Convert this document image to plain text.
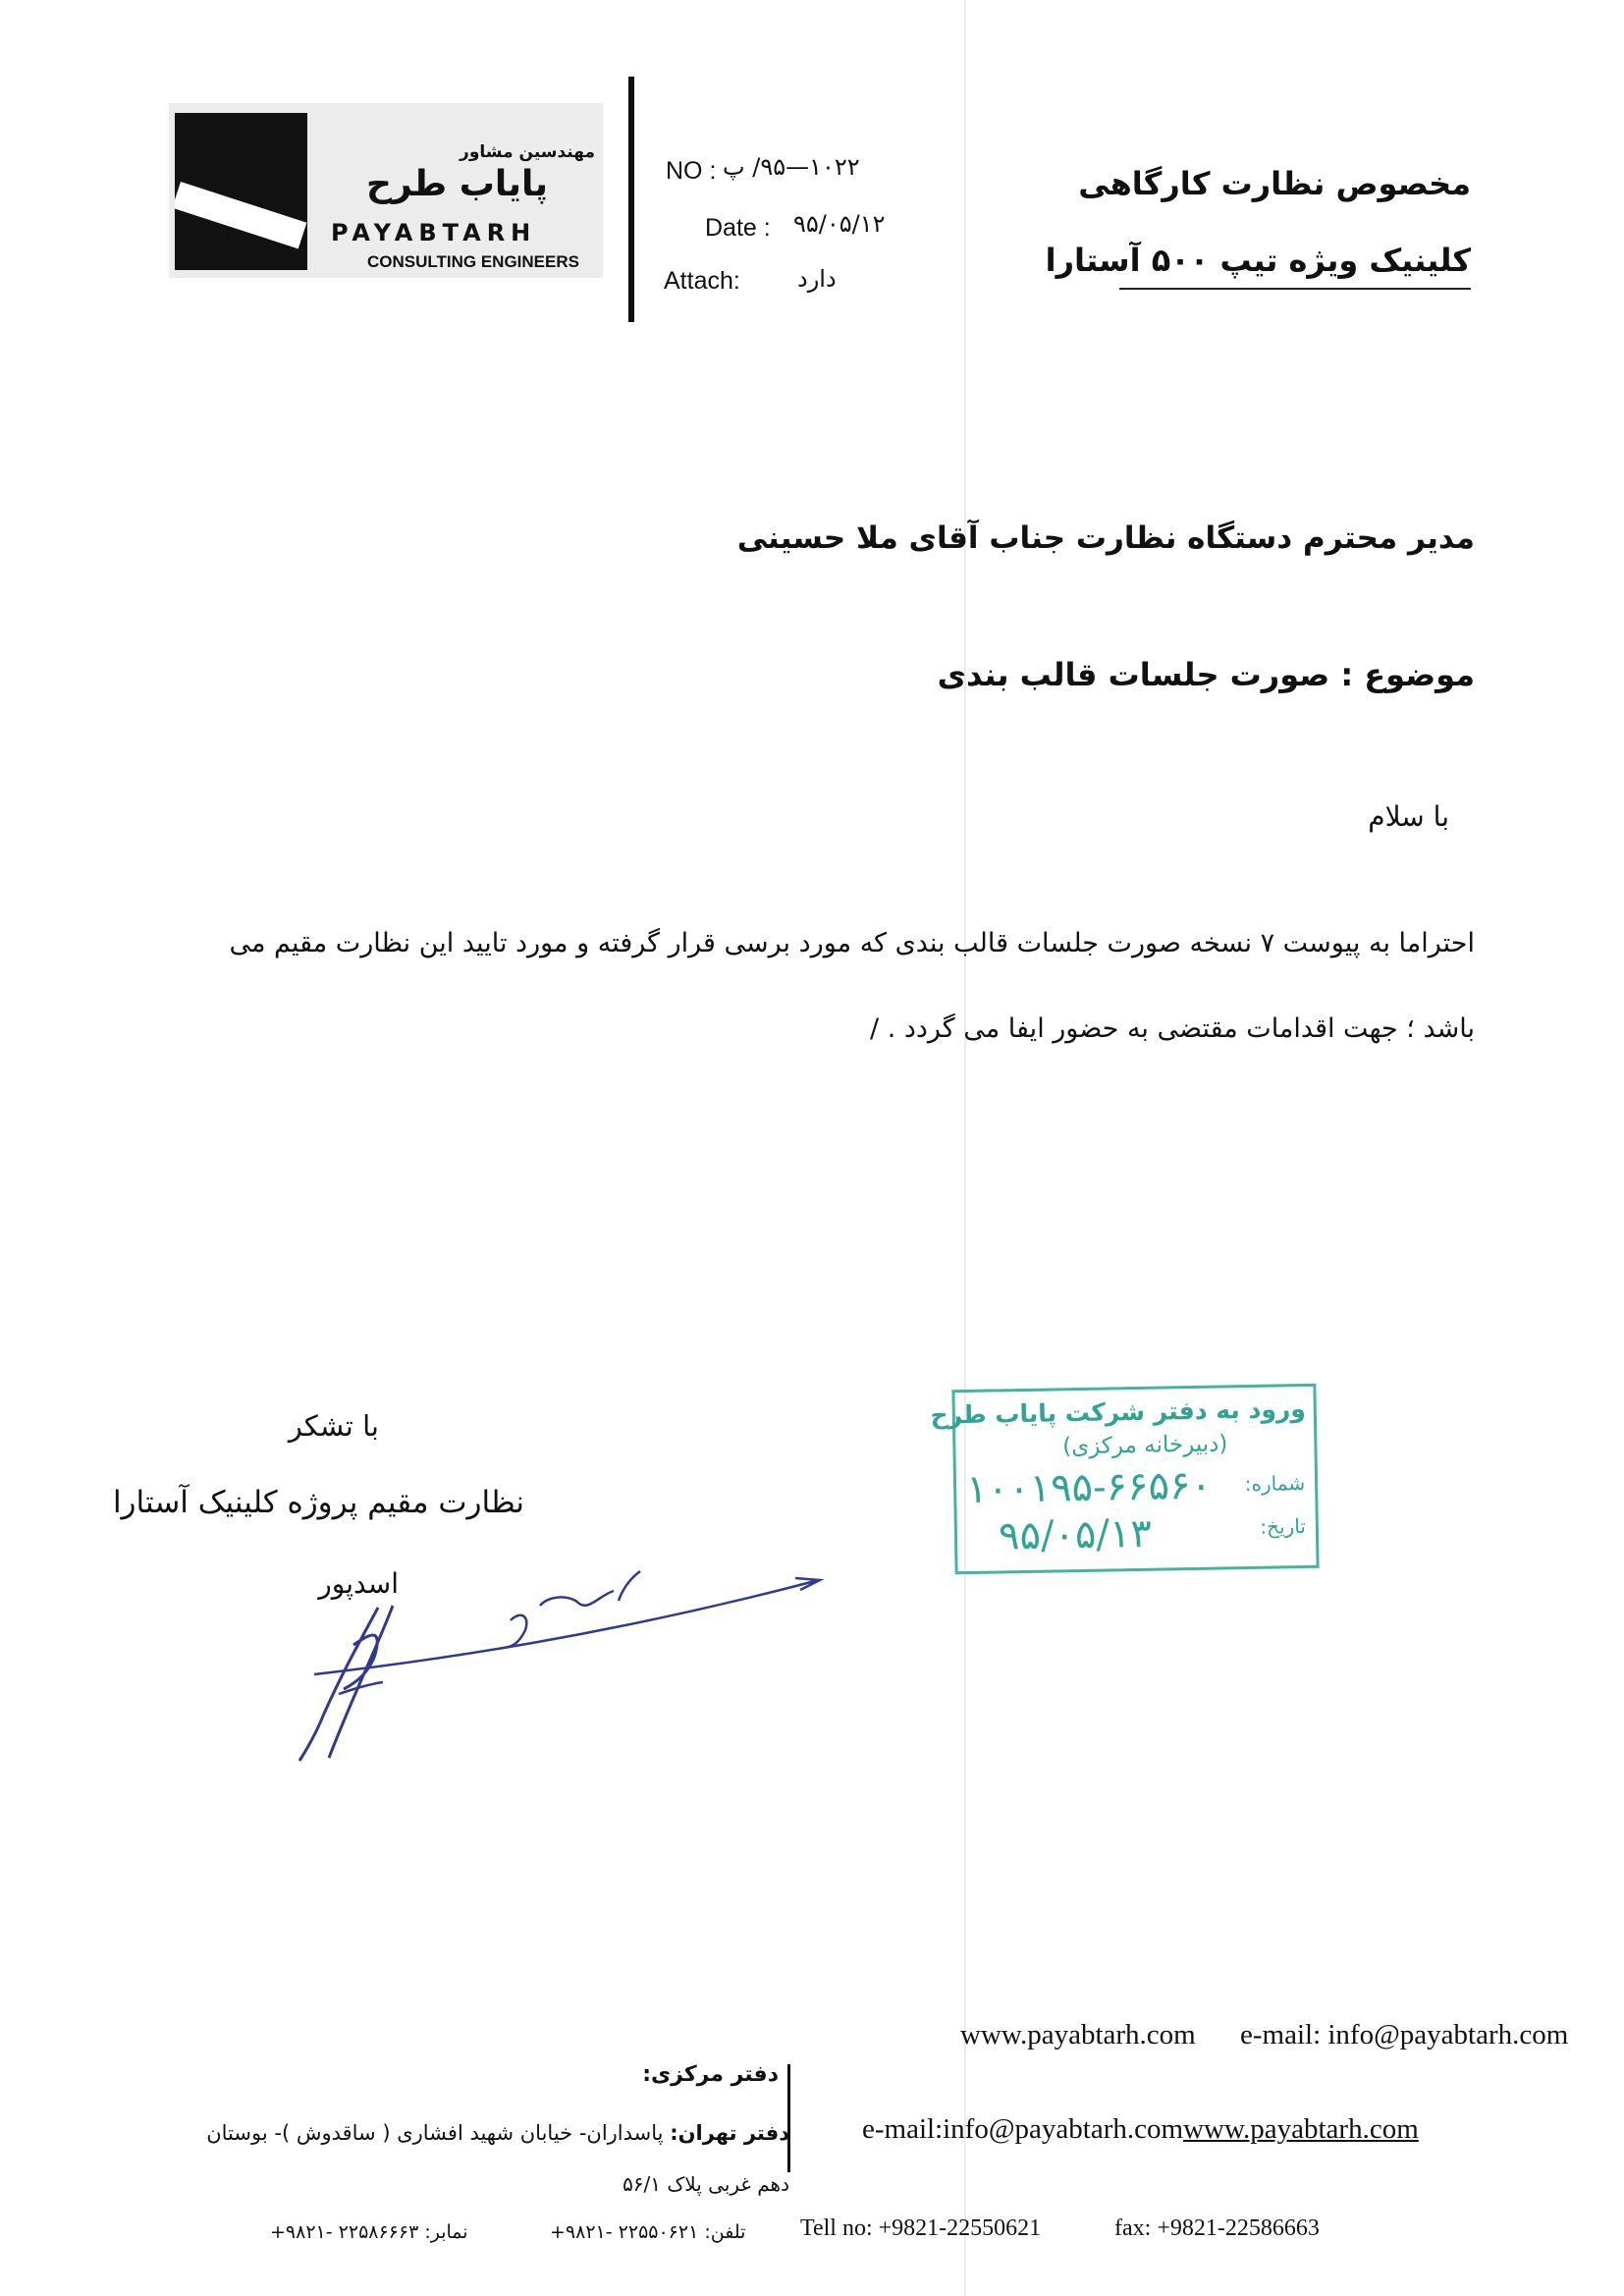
مهندسین مشاور
پایاب طرح
PAYABTARH
CONSULTING ENGINEERS
NO : ۱۰۲۲—۹۵/ پ
Date : ۹۵/۰۵/۱۲
Attach: دارد
مخصوص نظارت کارگاهی
کلینیک ویژه تیپ ۵۰۰ آستارا
مدیر محترم دستگاه نظارت جناب آقای ملا حسینی
موضوع : صورت جلسات قالب بندی
با سلام
احتراما به پیوست ۷ نسخه صورت جلسات قالب بندی که مورد برسی قرار گرفته و مورد تایید این نظارت مقیم می
باشد ؛ جهت اقدامات مقتضی به حضور ایفا می گردد . /
با تشکر
نظارت مقیم پروژه کلینیک آستارا
اسدپور
ورود به دفتر شرکت پایاب طرح
(دبیرخانه مرکزی)
شماره:
۱۰۰۱۹۵-۶۶۵۶۰
تاریخ:
۹۵/۰۵/۱۳
www.payabtarh.com e-mail: info@payabtarh.com
دفتر مرکزی:
دفتر تهران: پاسداران- خیابان شهید افشاری ( ساقدوش )- بوستان
دهم غربی پلاک ۵۶/۱
e-mail:info@payabtarh.comwww.payabtarh.com
نمابر: ۲۲۵۸۶۶۶۳ -۹۸۲۱+	تلفن: ۲۲۵۵۰۶۲۱ -۹۸۲۱+ Tell no: +9821-22550621	fax: +9821-22586663
